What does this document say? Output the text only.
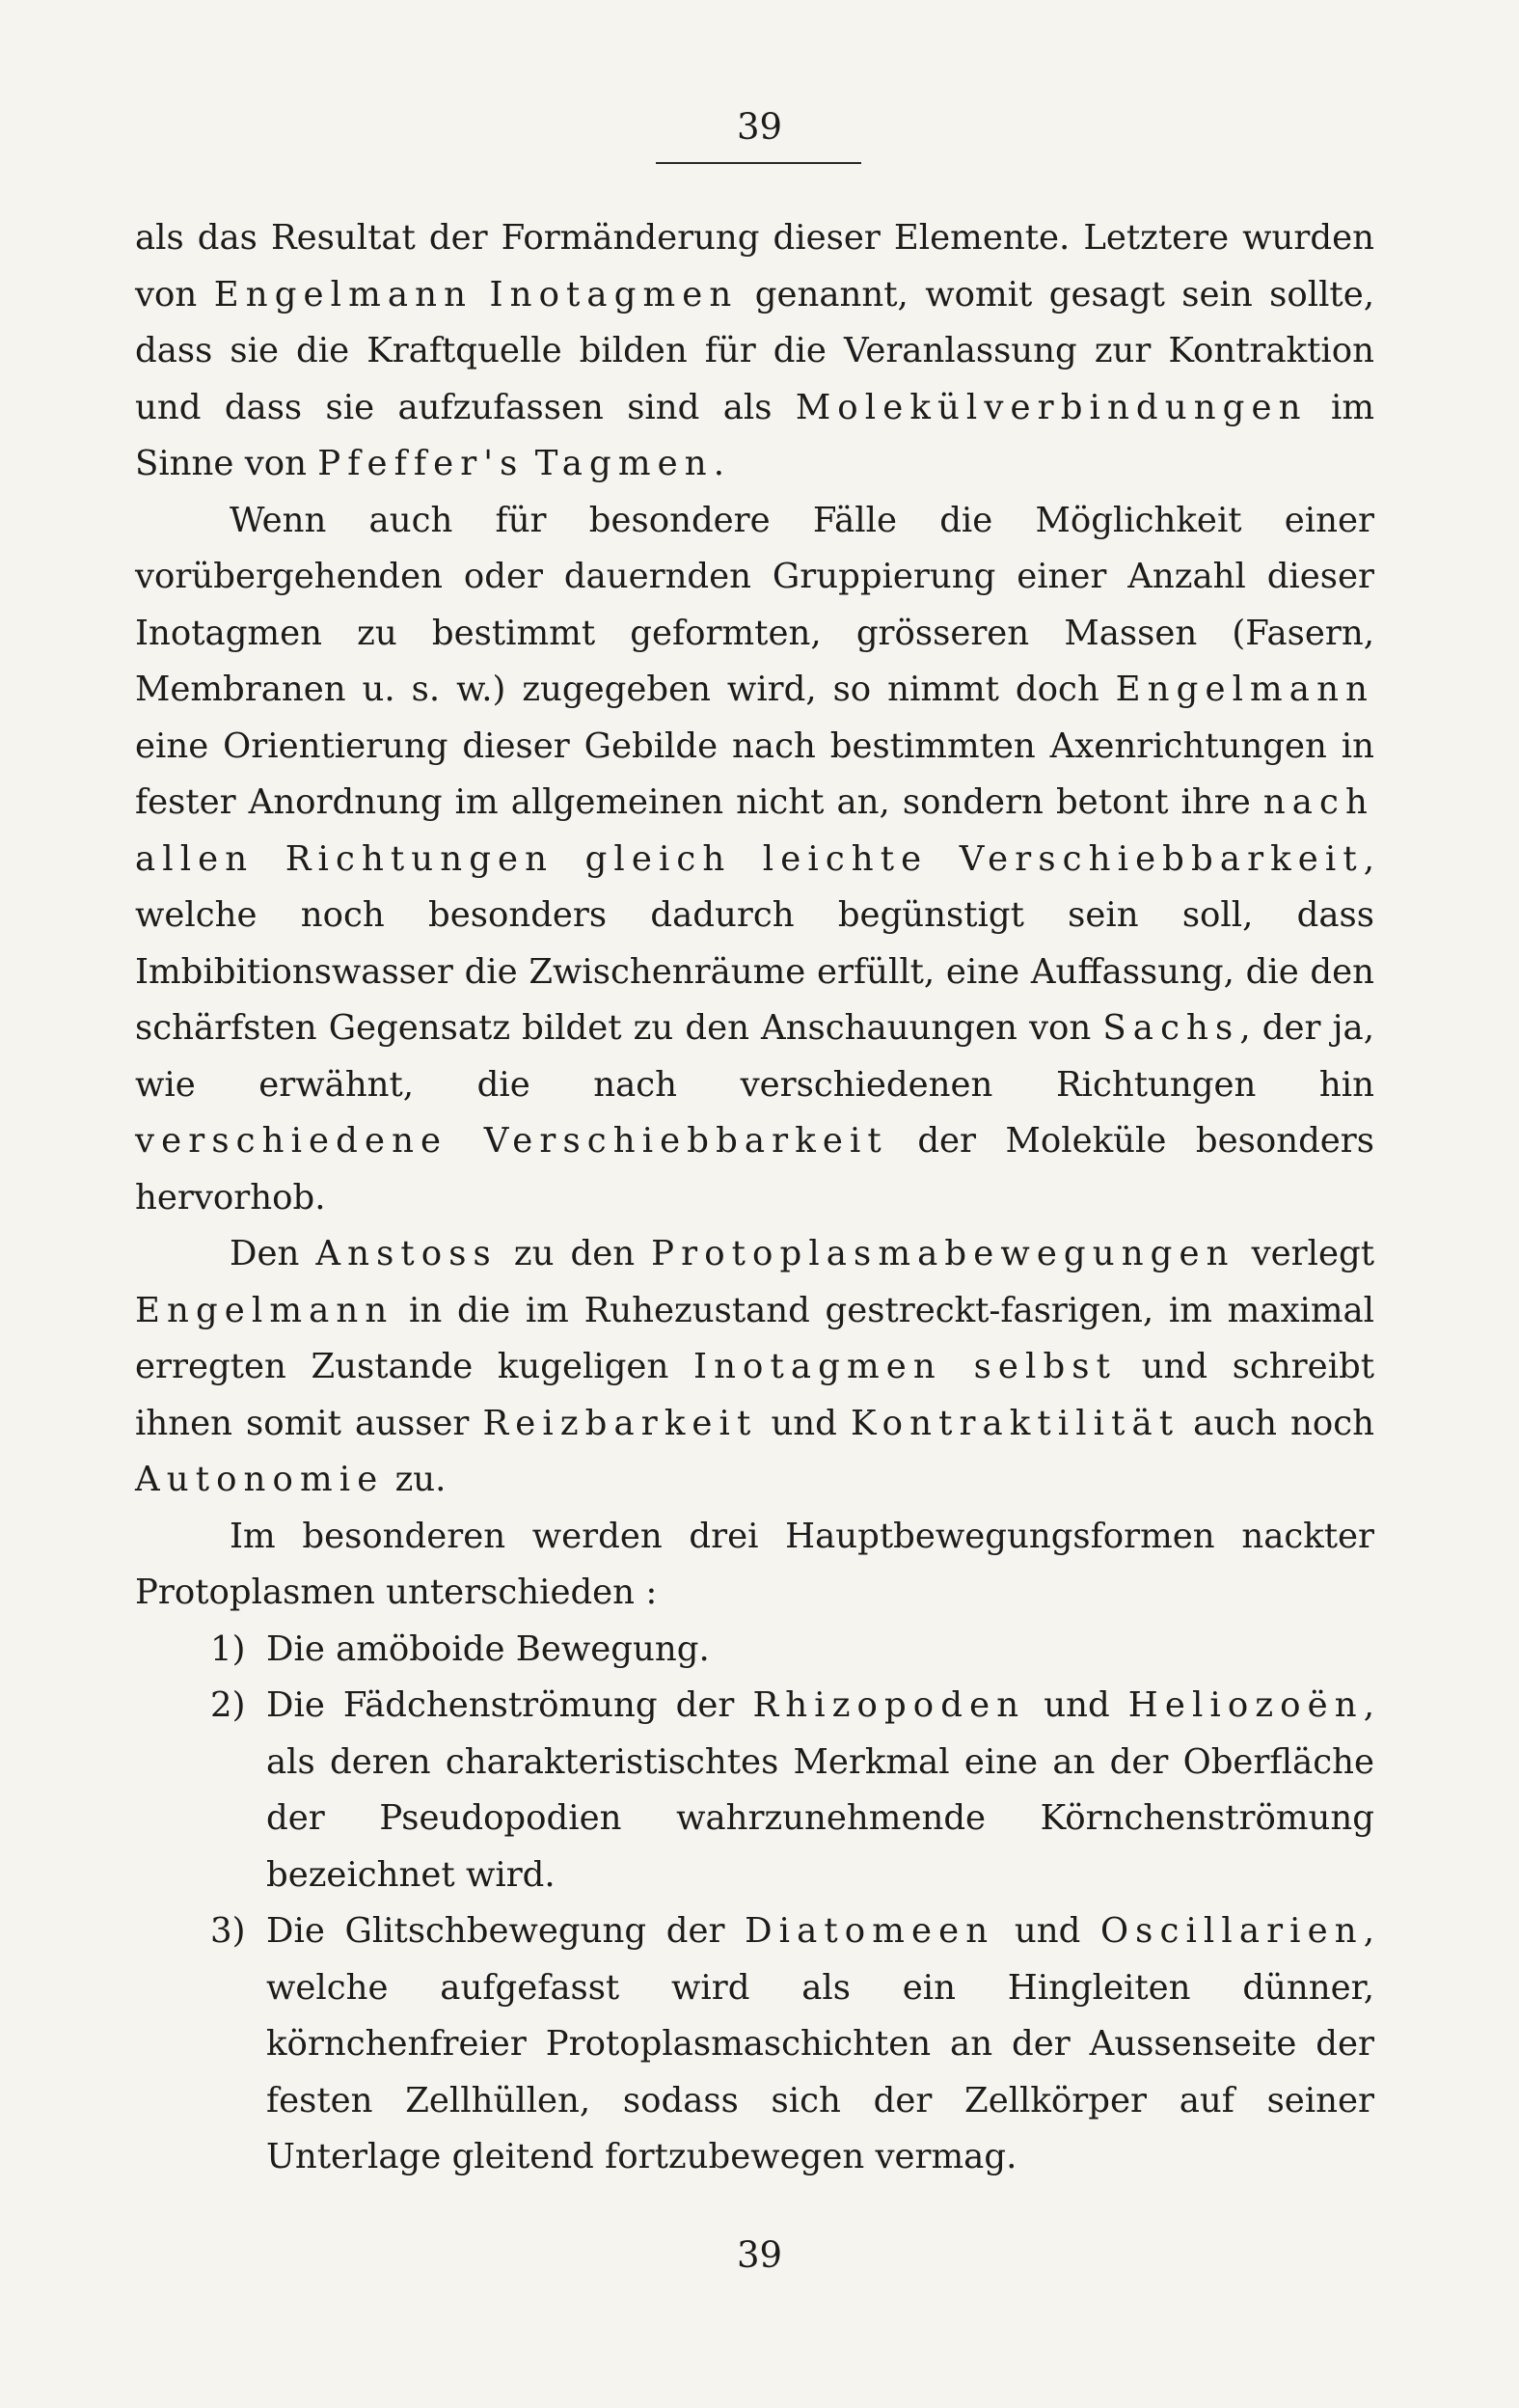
39

als das Resultat der Formänderung dieser Elemente. Letztere wurden von Engelmann Inotagmen genannt, womit gesagt sein sollte, dass sie die Kraftquelle bilden für die Veranlassung zur Kontraktion und dass sie aufzufassen sind als Molekülverbindungen im Sinne von Pfeffer's Tagmen.

Wenn auch für besondere Fälle die Möglichkeit einer vorübergehenden oder dauernden Gruppierung einer Anzahl dieser Inotagmen zu bestimmt geformten, grösseren Massen (Fasern, Membranen u. s. w.) zugegeben wird, so nimmt doch Engelmann eine Orientierung dieser Gebilde nach bestimmten Axenrichtungen in fester Anordnung im allgemeinen nicht an, sondern betont ihre nach allen Richtungen gleich leichte Verschiebbarkeit, welche noch besonders dadurch begünstigt sein soll, dass Imbibitionswasser die Zwischenräume erfüllt, eine Auffassung, die den schärfsten Gegensatz bildet zu den Anschauungen von Sachs, der ja, wie erwähnt, die nach verschiedenen Richtungen hin verschiedene Verschiebbarkeit der Moleküle besonders hervorhob.

Den Anstoss zu den Protoplasmabewegungen verlegt Engelmann in die im Ruhezustand gestreckt-fasrigen, im maximal erregten Zustande kugeligen Inotagmen selbst und schreibt ihnen somit ausser Reizbarkeit und Kontraktilität auch noch Autonomie zu.

Im besonderen werden drei Hauptbewegungsformen nackter Protoplasmen unterschieden :

1) Die amöboide Bewegung.
2) Die Fädchenströmung der Rhizopoden und Heliozoën, als deren charakteristischtes Merkmal eine an der Oberfläche der Pseudopodien wahrzunehmende Körnchenströmung bezeichnet wird.
3) Die Glitschbewegung der Diatomeen und Oscillarien, welche aufgefasst wird als ein Hingleiten dünner, körnchenfreier Protoplasmaschichten an der Aussenseite der festen Zellhüllen, sodass sich der Zellkörper auf seiner Unterlage gleitend fortzubewegen vermag.
39
